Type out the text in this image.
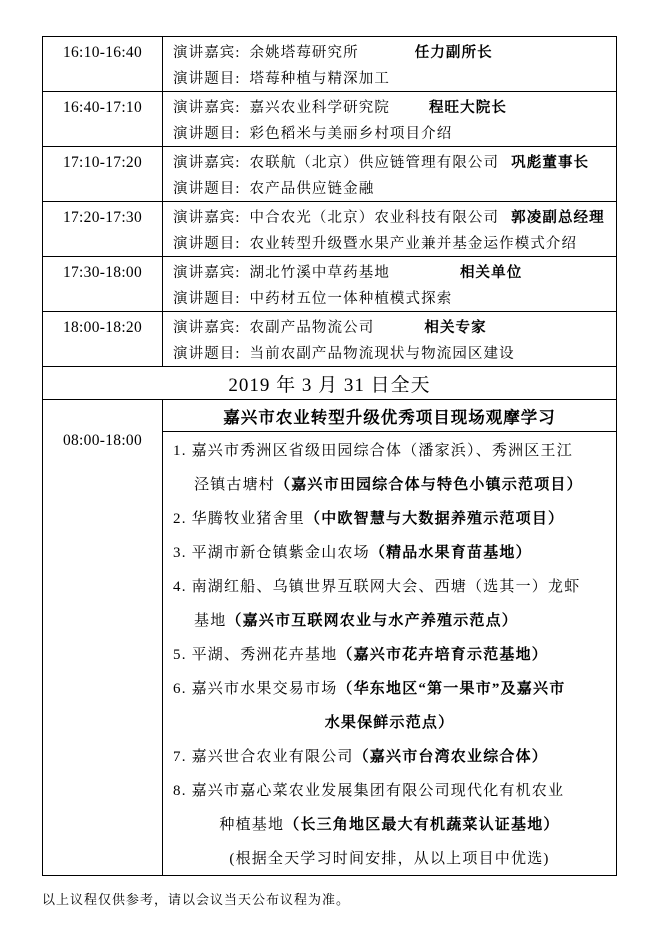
16:10-16:40	演讲嘉宾: 余姚塔莓研究所	任力副所长
演讲题目: 塔莓种植与精深加工
16:40-17:10	演讲嘉宾: 嘉兴农业科学研究院	程旺大院长
演讲题目: 彩色稻米与美丽乡村项目介绍
17:10-17:20	演讲嘉宾: 农联航（北京）供应链管理有限公司 巩彪董事长
演讲题目: 农产品供应链金融
17:20-17:30	演讲嘉宾: 中合农光（北京）农业科技有限公司 郭凌副总经理
演讲题目: 农业转型升级暨水果产业兼并基金运作模式介绍
17:30-18:00	演讲嘉宾: 湖北竹溪中草药基地	相关单位
演讲题目: 中药材五位一体种植模式探索
18:00-18:20	演讲嘉宾: 农副产品物流公司	相关专家
演讲题目: 当前农副产品物流现状与物流园区建设
2019 年 3 月 31 日全天
08:00-18:00
嘉兴市农业转型升级优秀项目现场观摩学习
1. 嘉兴市秀洲区省级田园综合体（潘家浜）、秀洲区王江
泾镇古塘村（嘉兴市田园综合体与特色小镇示范项目）
2. 华腾牧业猪舍里（中欧智慧与大数据养殖示范项目）
3. 平湖市新仓镇紫金山农场（精品水果育苗基地）
4. 南湖红船、乌镇世界互联网大会、西塘（选其一）龙虾
基地（嘉兴市互联网农业与水产养殖示范点）
5. 平湖、秀洲花卉基地（嘉兴市花卉培育示范基地）
6. 嘉兴市水果交易市场（华东地区“第一果市”及嘉兴市
水果保鲜示范点）
7. 嘉兴世合农业有限公司（嘉兴市台湾农业综合体）
8. 嘉兴市嘉心菜农业发展集团有限公司现代化有机农业
种植基地（长三角地区最大有机蔬菜认证基地）
(根据全天学习时间安排，从以上项目中优选)
以上议程仅供参考，请以会议当天公布议程为准。
